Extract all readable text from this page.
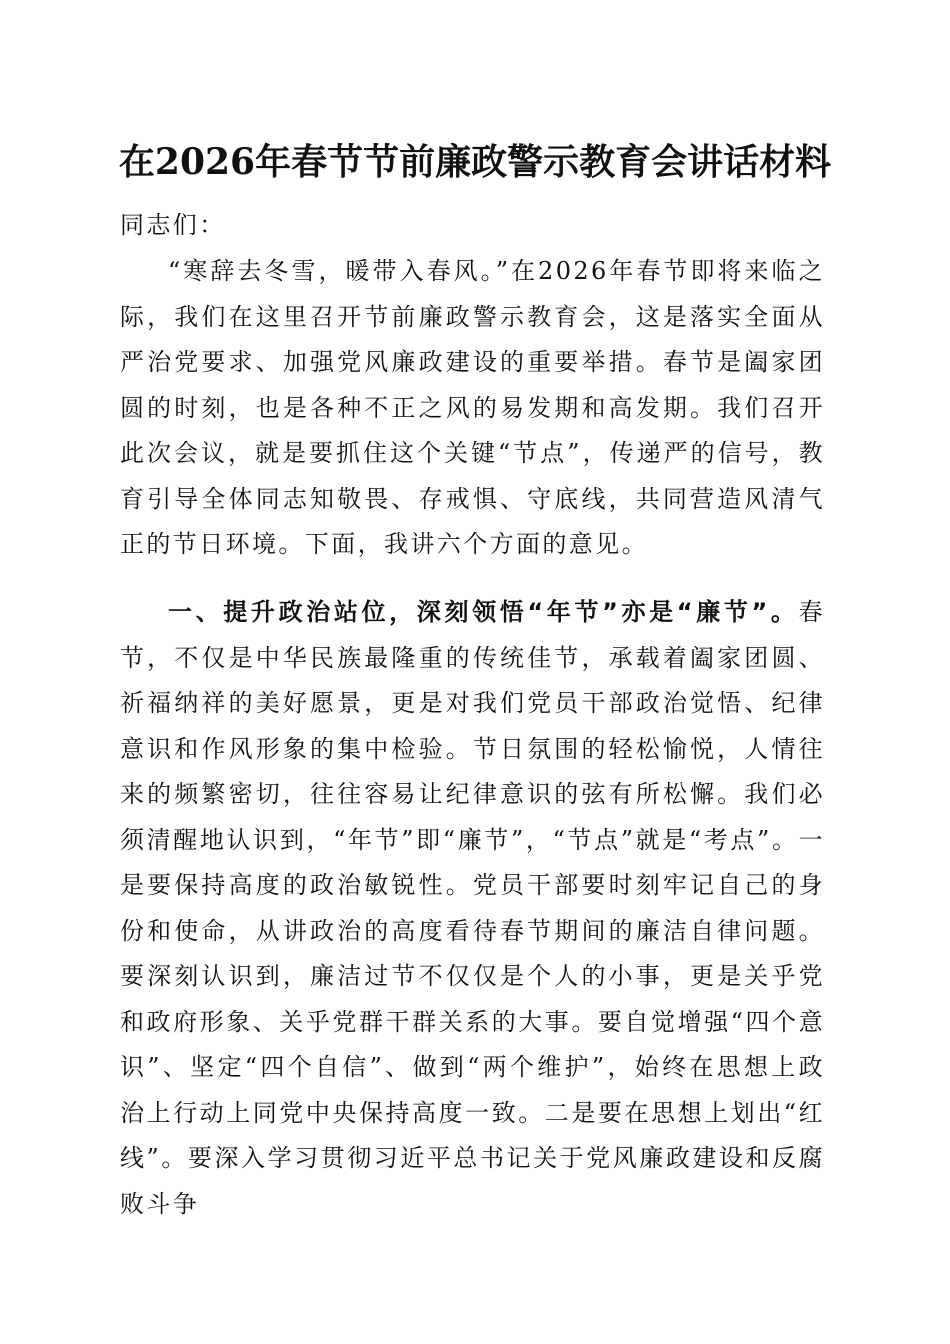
在2026年春节节前廉政警示教育会讲话材料
同志们：

“寒辞去冬雪，暖带入春风。”在2026年春节即将来临之际，我们在这里召开节前廉政警示教育会，这是落实全面从严治党要求、加强党风廉政建设的重要举措。春节是阖家团圆的时刻，也是各种不正之风的易发期和高发期。我们召开此次会议，就是要抓住这个关键“节点”，传递严的信号，教育引导全体同志知敬畏、存戒惧、守底线，共同营造风清气正的节日环境。下面，我讲六个方面的意见。

一、提升政治站位，深刻领悟“年节”亦是“廉节”。春节，不仅是中华民族最隆重的传统佳节，承载着阖家团圆、祈福纳祥的美好愿景，更是对我们党员干部政治觉悟、纪律意识和作风形象的集中检验。节日氛围的轻松愉悦，人情往来的频繁密切，往往容易让纪律意识的弦有所松懈。我们必须清醒地认识到，“年节”即“廉节”，“节点”就是“考点”。一是要保持高度的政治敏锐性。党员干部要时刻牢记自己的身份和使命，从讲政治的高度看待春节期间的廉洁自律问题。要深刻认识到，廉洁过节不仅仅是个人的小事，更是关乎党和政府形象、关乎党群干群关系的大事。要自觉增强“四个意识”、坚定“四个自信”、做到“两个维护”，始终在思想上政治上行动上同党中央保持高度一致。二是要在思想上划出“红线”。要深入学习贯彻习近平总书记关于党风廉政建设和反腐败斗争
